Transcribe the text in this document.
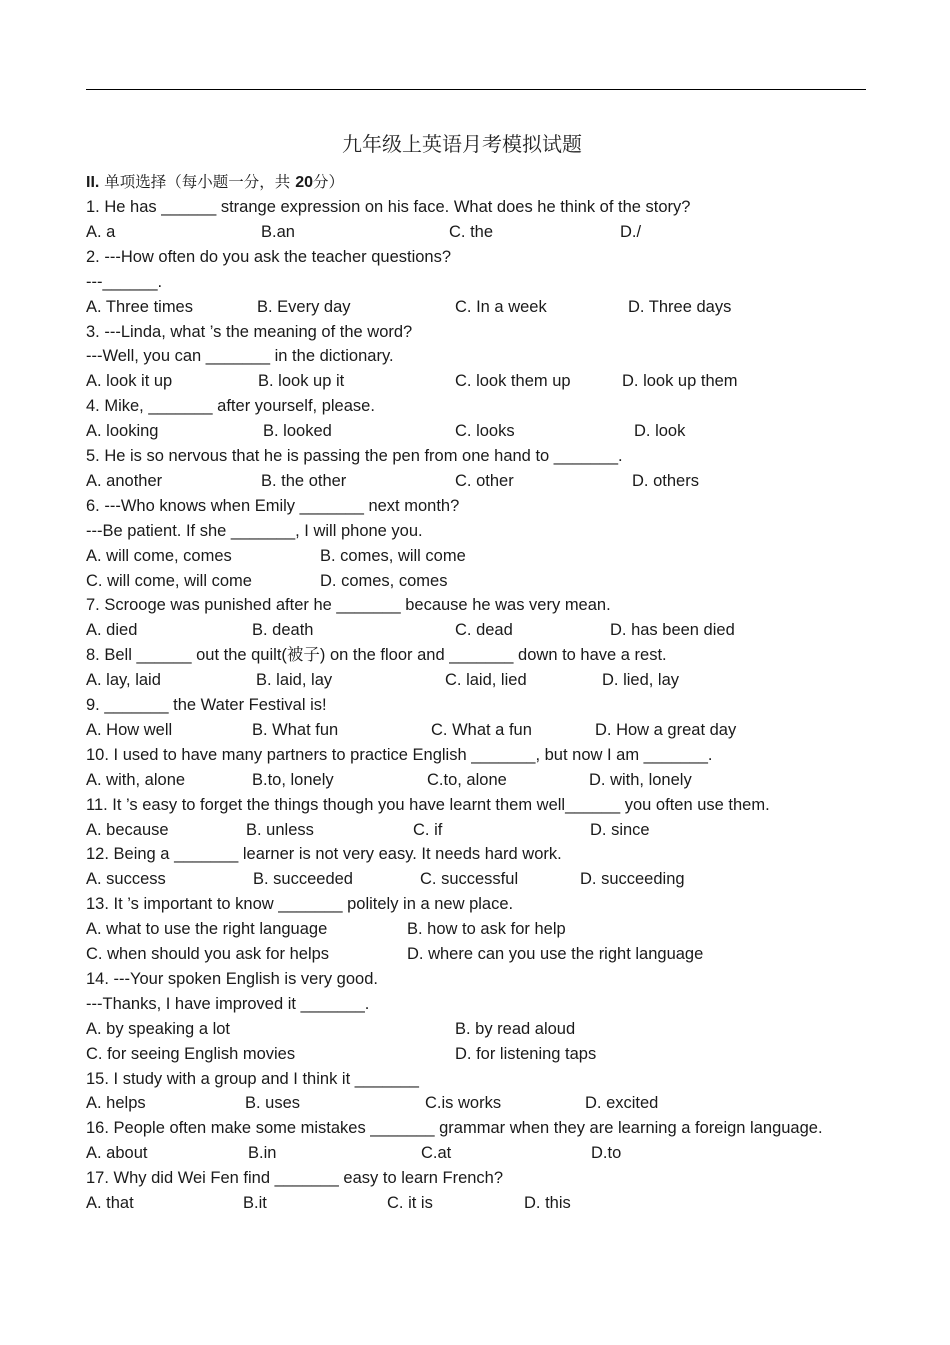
九年级上英语月考模拟试题
II. 单项选择（每小题一分，共 20分）
1. He has ______ strange expression on his face. What does he think of the story?
A. a	B.an	C. the	D./
2. ---How often do you ask the teacher questions?
---______.
A. Three times	B. Every day	C. In a week	D. Three days
3. ---Linda, what ’s the meaning of the word?
---Well, you can _______ in the dictionary.
A. look it up	B. look up it	C. look them up	D. look up them
4. Mike, _______ after yourself, please.
A. looking	B. looked	C. looks	D. look
5. He is so nervous that he is passing the pen from one hand to _______.
A. another	B. the other	C. other	D. others
6. ---Who knows when Emily _______ next month?
---Be patient. If she _______, I will phone you.
A. will come, comes	B. comes, will come
C. will come, will come	D. comes, comes
7. Scrooge was punished after he _______ because he was very mean.
A. died	B. death	C. dead	D. has been died
8. Bell ______ out the quilt(被子) on the floor and _______ down to have a rest.
A. lay, laid	B. laid, lay	C. laid, lied	D. lied, lay
9. _______ the Water Festival is!
A. How well	B. What fun	C. What a fun	D. How a great day
10. I used to have many partners to practice English _______, but now I am _______.
A. with, alone	B.to, lonely	C.to, alone	D. with, lonely
11. It ’s easy to forget the things though you have learnt them well______ you often use them.
A. because	B. unless	C. if	D. since
12. Being a _______ learner is not very easy. It needs hard work.
A. success	B. succeeded	C. successful	D. succeeding
13. It ’s important to know _______ politely in a new place.
A. what to use the right language	B. how to ask for help
C. when should you ask for helps	D. where can you use the right language
14. ---Your spoken English is very good.
---Thanks, I have improved it _______.
A. by speaking a lot	B. by read aloud
C. for seeing English movies	D. for listening taps
15. I study with a group and I think it _______
A. helps	B. uses	C.is works	D. excited
16. People often make some mistakes _______ grammar when they are learning a foreign language.
A. about	B.in	C.at	D.to
17. Why did Wei Fen find _______ easy to learn French?
A. that	B.it	C. it is	D. this
